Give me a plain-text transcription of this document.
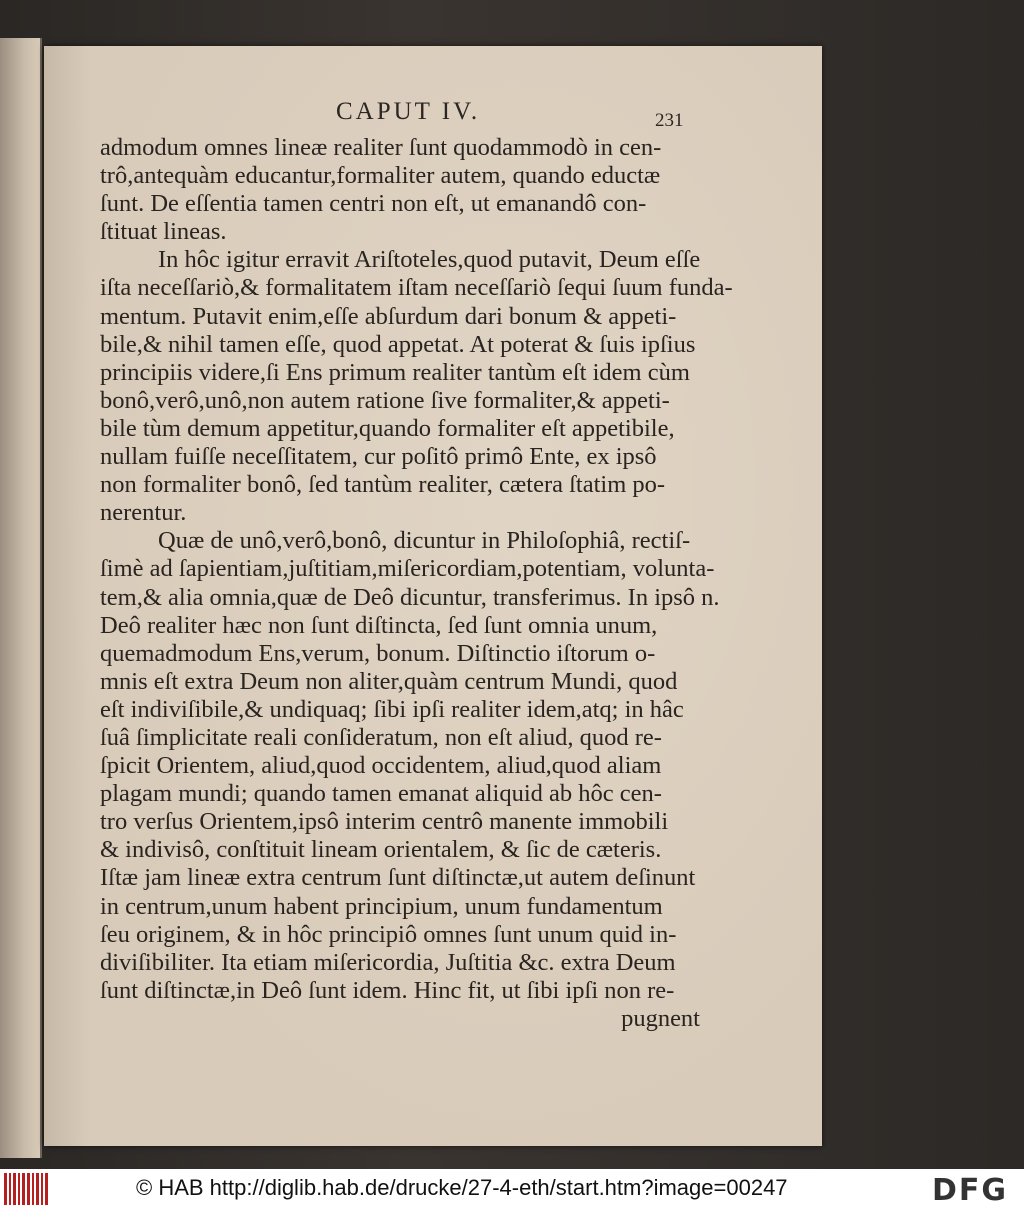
CAPUT IV.	231
admodum omnes lineæ realiter ſunt quodammodò in cen-
trô,antequàm educantur,formaliter autem, quando eductæ
ſunt. De eſſentia tamen centri non eſt, ut emanandô con-
ſtituat lineas.
In hôc igitur erravit Ariſtoteles,quod putavit, Deum eſſe
iſta neceſſariò,& formalitatem iſtam neceſſariò ſequi ſuum funda-
mentum. Putavit enim,eſſe abſurdum dari bonum & appeti-
bile,& nihil tamen eſſe, quod appetat. At poterat & ſuis ipſius
principiis videre,ſi Ens primum realiter tantùm eſt idem cùm
bonô,verô,unô,non autem ratione ſive formaliter,& appeti-
bile tùm demum appetitur,quando formaliter eſt appetibile,
nullam fuiſſe neceſſitatem, cur poſitô primô Ente, ex ipsô
non formaliter bonô, ſed tantùm realiter, cætera ſtatim po-
nerentur.
Quæ de unô,verô,bonô, dicuntur in Philoſophiâ, rectiſ-
ſimè ad ſapientiam,juſtitiam,miſericordiam,potentiam, volunta-
tem,& alia omnia,quæ de Deô dicuntur, transferimus. In ipsô n.
Deô realiter hæc non ſunt diſtincta, ſed ſunt omnia unum,
quemadmodum Ens,verum, bonum. Diſtinctio iſtorum o-
mnis eſt extra Deum non aliter,quàm centrum Mundi, quod
eſt indiviſibile,& undiquaq; ſibi ipſi realiter idem,atq; in hâc
ſuâ ſimplicitate reali conſideratum, non eſt aliud, quod re-
ſpicit Orientem, aliud,quod occidentem, aliud,quod aliam
plagam mundi; quando tamen emanat aliquid ab hôc cen-
tro verſus Orientem,ipsô interim centrô manente immobili
& indivisô, conſtituit lineam orientalem, & ſic de cæteris.
Iſtæ jam lineæ extra centrum ſunt diſtinctæ,ut autem deſinunt
in centrum,unum habent principium, unum fundamentum
ſeu originem, & in hôc principiô omnes ſunt unum quid in-
diviſibiliter. Ita etiam miſericordia, Juſtitia &c. extra Deum
ſunt diſtinctæ,in Deô ſunt idem. Hinc fit, ut ſibi ipſi non re-
pugnent
© HAB http://diglib.hab.de/drucke/27-4-eth/start.htm?image=00247	DFG
